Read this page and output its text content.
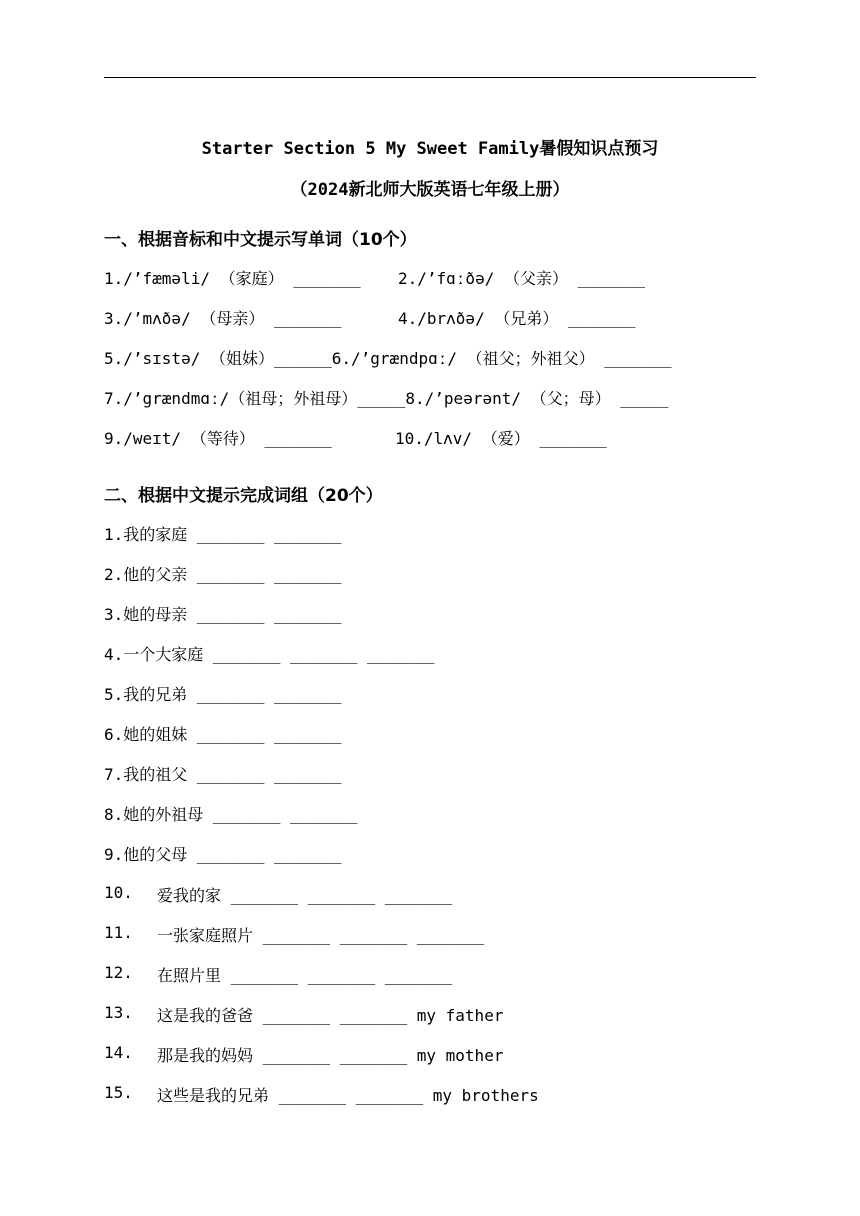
Starter Section 5 My Sweet Family暑假知识点预习
（2024新北师大版英语七年级上册）
一、根据音标和中文提示写单词（10个）
1./’fæməli/ （家庭） _______ 2./’fɑːðə/ （父亲） _______
3./’mʌðə/ （母亲） _______	4./brʌðə/ （兄弟） _______
5./’sɪstə/ （姐妹）______6./’grændpɑː/ （祖父；外祖父） _______
7./’grændmɑː/（祖母；外祖母）_____8./’peərənt/ （父；母） _____
9./weɪt/ （等待） _______	10./lʌv/ （爱） _______
二、根据中文提示完成词组（20个）
1.我的家庭 _______ _______
2.他的父亲 _______ _______
3.她的母亲 _______ _______
4.一个大家庭 _______ _______ _______
5.我的兄弟 _______ _______
6.她的姐妹 _______ _______
7.我的祖父 _______ _______
8.她的外祖母 _______ _______
9.他的父母 _______ _______
10. 爱我的家 _______ _______ _______
11. 一张家庭照片 _______ _______ _______
12. 在照片里 _______ _______ _______
13. 这是我的爸爸 _______ _______ my father
14. 那是我的妈妈 _______ _______ my mother
15. 这些是我的兄弟 _______ _______ my brothers
